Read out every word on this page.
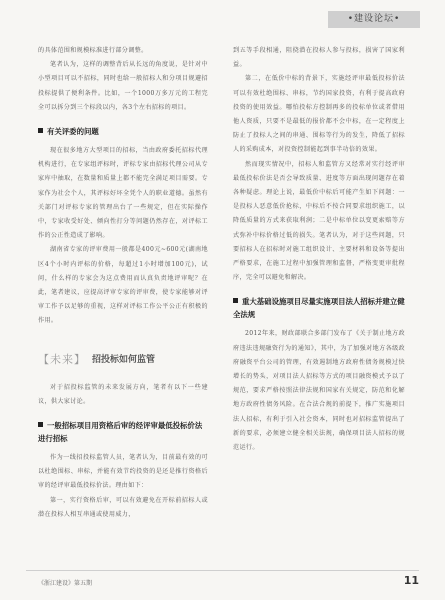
•建设论坛•

的具体范围和规模标准进行部分调整。

笔者认为，这样的调整背后从长远的角度说，是针对中小型项目可以不招标，同时也给一般招标人和分项目规避招投标提供了便利条件。比如，一个1000万多万元的工程完全可以拆分到三个标段以内，各3个左右招标的项目。

有关评委的问题

现在很多地方大型项目的招标，当由政府委托招标代理机构进行，在专家组评标时，评标专家由招标代理公司从专家库中抽取，在数量和质量上都不能完全满足项目需要。专家作为社会个人，其评标好坏全凭个人的职业道德。虽然有关部门对评标专家的管理出台了一些规定，但在实际操作中，专家收受好处、倾向性打分等问题仍然存在，对评标工作的公正性造成了影响。

湖南省专家的评审费用一般都是400元~600元(湖南地区4个小时内评标的价格，每超过1小时增加100元)，试问，什么样的专家会为这点费用而认真负责地评审呢？在此，笔者建议，应提高评审专家的评审费，使专家能够对评审工作予以足够的重视，这样对评标工作公平公正有积极的作用。

【未来】 招投标如何监管

对于招投标监管的未来发展方向，笔者有以下一些建议，供大家讨论。

一般招标项目用资格后审的经评审最低投标价法进行招标

作为一线招投标监管人员，笔者认为，目前最有效的可以杜绝围标、串标，并能有效节约投资的是还是推行资格后审的经评审最低投标价法。理由如下：

第一，实行资格后审，可以有效避免在开标前招标人或潜在投标人相互串通或使用威力，

到五等手段相通，阻挠潜在投标人参与投标，损害了国家利益。

第二，在低价中标的背景下，实施经评审最低投标价法可以有效杜绝围标、串标，节约国家投资，有利于提高政府投资的使用效益。哪怕投标方控制再多的投标单位或者借用他人资质，只要不是最低的报价都不会中标，在一定程度上防止了投标人之间的串通、围标等行为的发生，降低了招标人的采购成本，对投资控制能起到事半功倍的效果。

然而现实情况中，招标人和监管方又经常对实行经评审最低投标价法是否会导致质量、进度等方面出现问题存在着各种疑虑。理论上说，最低价中标后可能产生如下问题：一是投标人恶意低价抢标，中标后不按合同要求组织施工，以降低质量的方式来获取利润；二是中标单位以变更索赔等方式弥补中标价格过低的损失。笔者认为，对于这些问题，只要招标人在招标时对施工组织设计、主要材料和设备等提出严格要求，在施工过程中加强管理和监督，严格变更审批程序，完全可以避免和解决。

重大基础设施项目尽量实施项目法人招标并建立健全法规

2012年来，财政部联合多部门发布了《关于制止地方政府违法违规融资行为的通知》，其中，为了加强对地方各级政府融资平台公司的管理，有效遏制地方政府性债务规模过快增长的势头，对项目法人招标等方式的项目融资模式予以了规范，要求严格按照法律法规和国家有关规定，防范和化解地方政府性债务风险。在合法合规的前提下，推广实施项目法人招标，有利于引入社会资本，同时也对招标监管提出了新的要求，必须建立健全相关法规，确保项目法人招标的规范运行。

《浙江建设》第五期	11
